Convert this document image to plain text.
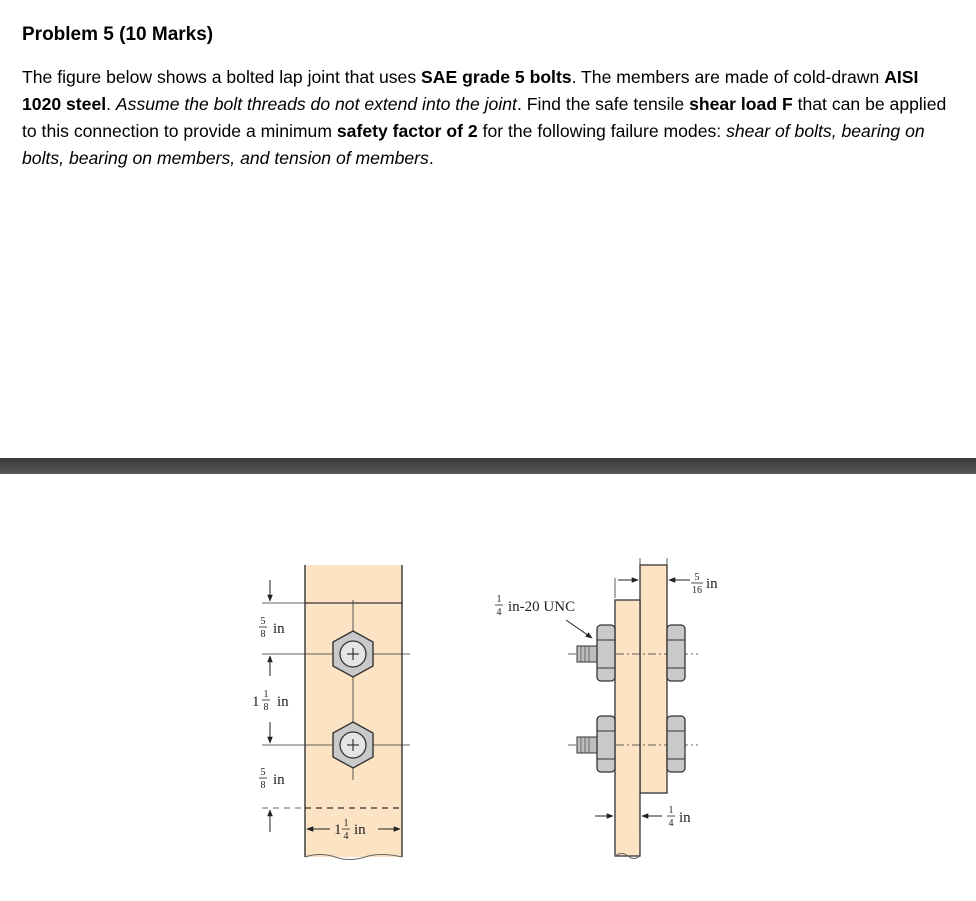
Problem 5 (10 Marks)
The figure below shows a bolted lap joint that uses SAE grade 5 bolts. The members are made of cold-drawn AISI 1020 steel. Assume the bolt threads do not extend into the joint. Find the safe tensile shear load F that can be applied to this connection to provide a minimum safety factor of 2 for the following failure modes: shear of bolts, bearing on bolts, bearing on members, and tension of members.
5
8 in
1 1
8 in
5
8 in
1 1
4 in
1
4 in-20 UNC
5
16 in
1
4 in
